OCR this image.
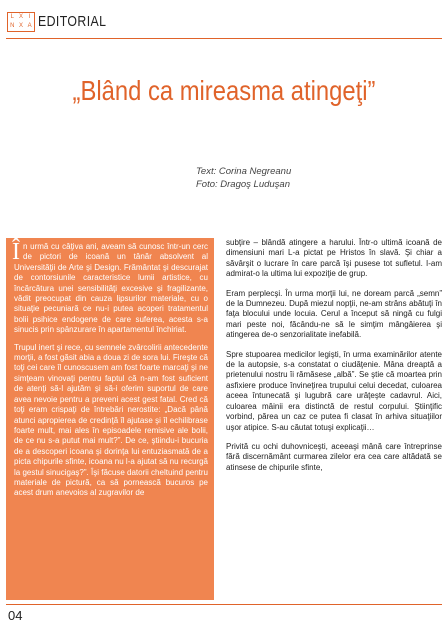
L X I
N X A EDITORIAL
„Blând ca mireasma atingeţi”
Text: Corina Negreanu
Foto: Dragoş Luduşan

În urmă cu câţiva ani, aveam să cunosc într-un cerc de pictori de icoană un tânăr absolvent al Universităţii de Arte şi Design. Frământat şi descurajat de contorsiunile caracteristice lumii artistice, cu încărcătura unei sensibilităţi excesive şi fragilizante, vădit preocupat din cauza lipsurilor materiale, cu o situaţie pecuniară ce nu-i putea acoperi tratamentul bolii psihice endogene de care suferea, acesta s-a sinucis prin spânzurare în apartamentul închiriat.

Trupul inert şi rece, cu semnele zvârcolirii antecedente morţii, a fost găsit abia a doua zi de sora lui. Fireşte că toţi cei care îl cunoscusem am fost foarte marcaţi şi ne simţeam vinovaţi pentru faptul că n-am fost suficient de atenţi să-l ajutăm şi să-i oferim suportul de care avea nevoie pentru a preveni acest gest fatal. Cred că toţi eram crispaţi de întrebări nerostite: „Dacă până atunci apropierea de credinţă îl ajutase şi îl echilibrase foarte mult, mai ales în episoadele remisive ale bolii, de ce nu s-a putut mai mult?”. De ce, ştiindu-i bucuria de a descoperi icoana şi dorinţa lui entuziasmată de a picta chipurile sfinte, icoana nu l-a ajutat să nu recurgă la gestul sinucigaş?”. Îşi făcuse datorii cheltuind pentru materiale de pictură, ca să pornească bucuros pe acest drum anevoios al zugravilor de

subţire – blândă atingere a harului. Într-o ultimă icoană de dimensiuni mari L-a pictat pe Hristos în slavă. Şi chiar a săvârşit o lucrare în care parcă îşi pusese tot sufletul. I-am admirat-o la ultima lui expoziţie de grup.

Eram perplecşi. În urma morţii lui, ne doream parcă „semn” de la Dumnezeu. După miezul nopţii, ne-am strâns abătuţi în faţa blocului unde locuia. Cerul a început să ningă cu fulgi mari peste noi, făcându-ne să le simţim mângâierea şi atingerea de-o senzorialitate inefabilă.

Spre stupoarea medicilor legişti, în urma examinărilor atente de la autopsie, s-a constatat o ciudăţenie. Mâna dreaptă a prietenului nostru îi rămăsese „albă”. Se ştie că moartea prin asfixiere produce învineţirea trupului celui decedat, culoarea aceea întunecată şi lugubră care urâţeşte cadavrul. Aici, culoarea mâinii era distinctă de restul corpului. Ştiinţific vorbind, părea un caz ce putea fi clasat în arhiva situaţiilor uşor atipice. S-au căutat totuşi explicaţii…

Privită cu ochi duhovniceşti, aceeaşi mână care întreprinse fără discernământ curmarea zilelor era cea care altădată se atinsese de chipurile sfinte,

04
